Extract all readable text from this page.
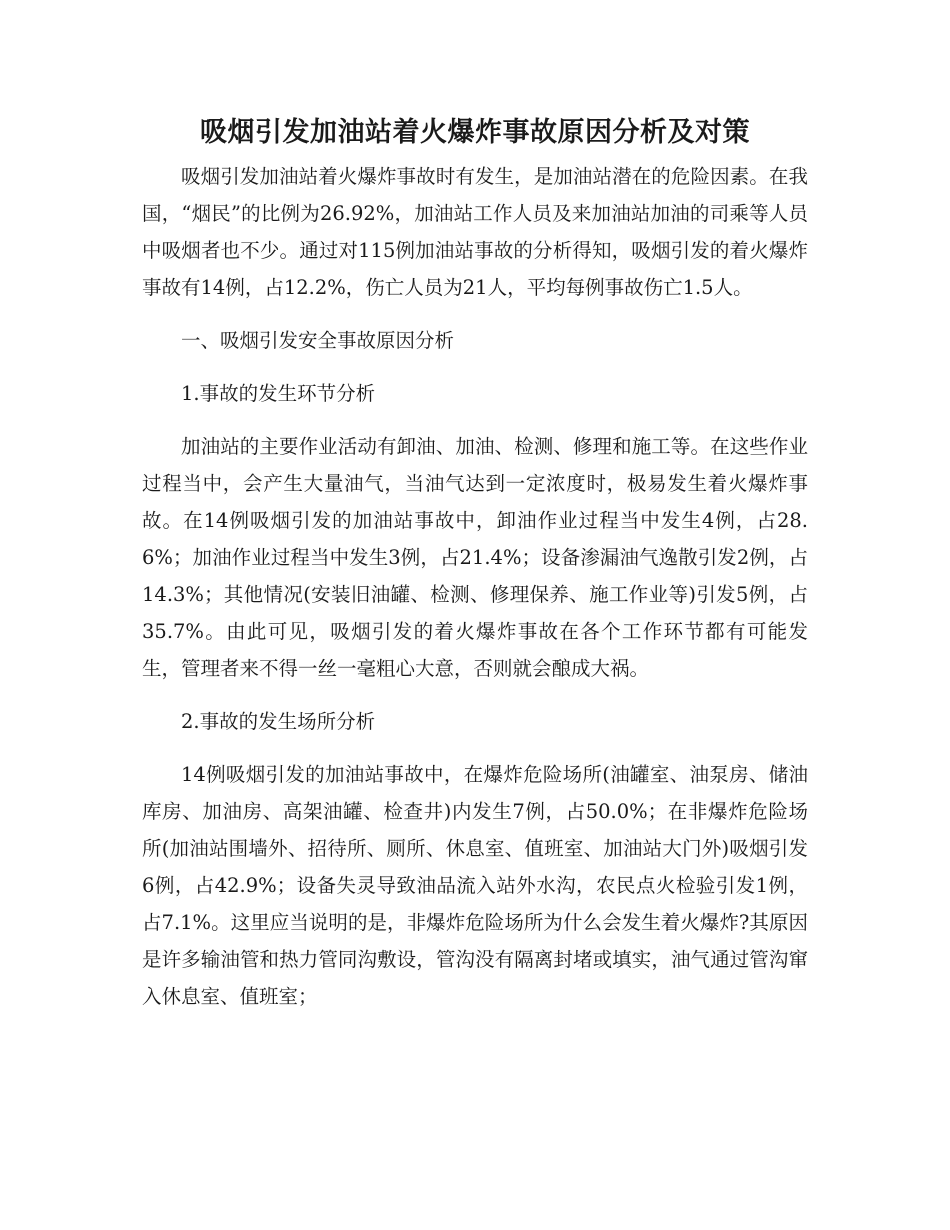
吸烟引发加油站着火爆炸事故原因分析及对策

吸烟引发加油站着火爆炸事故时有发生，是加油站潜在的危险因素。在我国，“烟民”的比例为26.92%，加油站工作人员及来加油站加油的司乘等人员中吸烟者也不少。通过对115例加油站事故的分析得知，吸烟引发的着火爆炸事故有14例，占12.2%，伤亡人员为21人，平均每例事故伤亡1.5人。

一、吸烟引发安全事故原因分析

1.事故的发生环节分析

加油站的主要作业活动有卸油、加油、检测、修理和施工等。在这些作业过程当中，会产生大量油气，当油气达到一定浓度时，极易发生着火爆炸事故。在14例吸烟引发的加油站事故中，卸油作业过程当中发生4例，占28.6%；加油作业过程当中发生3例，占21.4%；设备渗漏油气逸散引发2例，占14.3%；其他情况(安装旧油罐、检测、修理保养、施工作业等)引发5例，占35.7%。由此可见，吸烟引发的着火爆炸事故在各个工作环节都有可能发生，管理者来不得一丝一毫粗心大意，否则就会酿成大祸。

2.事故的发生场所分析

14例吸烟引发的加油站事故中，在爆炸危险场所(油罐室、油泵房、储油库房、加油房、高架油罐、检查井)内发生7例，占50.0%；在非爆炸危险场所(加油站围墙外、招待所、厕所、休息室、值班室、加油站大门外)吸烟引发6例，占42.9%；设备失灵导致油品流入站外水沟，农民点火检验引发1例，占7.1%。这里应当说明的是，非爆炸危险场所为什么会发生着火爆炸?其原因是许多输油管和热力管同沟敷设，管沟没有隔离封堵或填实，油气通过管沟窜入休息室、值班室；
